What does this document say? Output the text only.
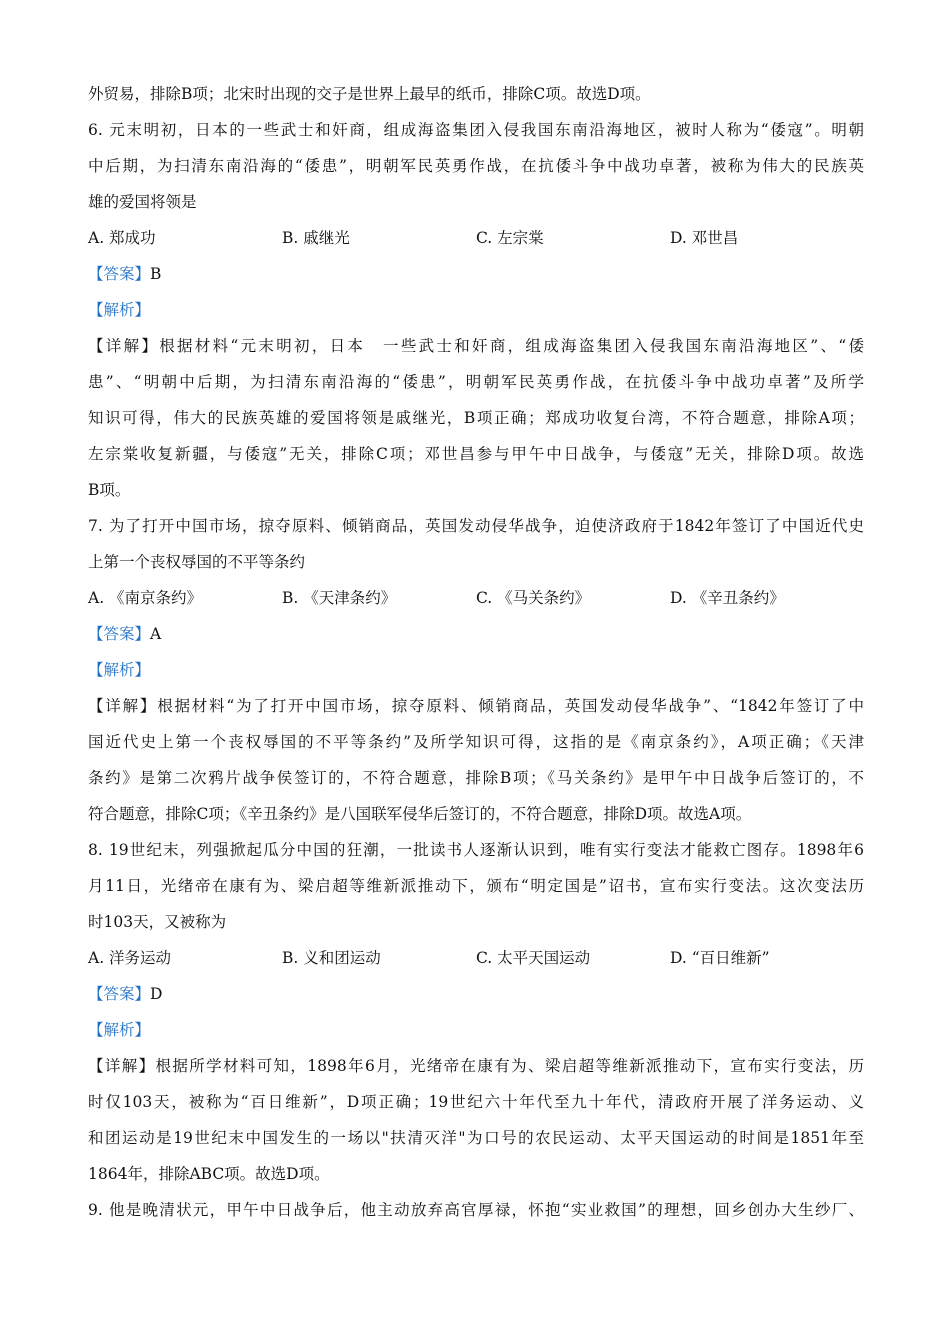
外贸易，排除B项；北宋时出现的交子是世界上最早的纸币，排除C项。故选D项。
6. 元末明初，日本的一些武士和奸商，组成海盗集团入侵我国东南沿海地区，被时人称为“倭寇”。明朝
中后期，为扫清东南沿海的“倭患”，明朝军民英勇作战，在抗倭斗争中战功卓著，被称为伟大的民族英
雄的爱国将领是
A. 郑成功	B. 戚继光	C. 左宗棠	D. 邓世昌
【答案】B
【解析】
【详解】根据材料“元末明初，日本　一些武士和奸商，组成海盗集团入侵我国东南沿海地区”、“倭
患”、“明朝中后期，为扫清东南沿海的“倭患”，明朝军民英勇作战，在抗倭斗争中战功卓著”及所学
知识可得，伟大的民族英雄的爱国将领是戚继光，B项正确；郑成功收复台湾，不符合题意，排除A项；
左宗棠收复新疆，与倭寇”无关，排除C项；邓世昌参与甲午中日战争，与倭寇”无关，排除D项。故选
B项。
7. 为了打开中国市场，掠夺原料、倾销商品，英国发动侵华战争，迫使济政府于1842年签订了中国近代史
上第一个丧权辱国的不平等条约
A. 《南京条约》	B. 《天津条约》	C. 《马关条约》	D. 《辛丑条约》
【答案】A
【解析】
【详解】根据材料“为了打开中国市场，掠夺原料、倾销商品，英国发动侵华战争”、“1842年签订了中
国近代史上第一个丧权辱国的不平等条约”及所学知识可得，这指的是《南京条约》，A项正确；《天津
条约》是第二次鸦片战争侯签订的，不符合题意，排除B项；《马关条约》是甲午中日战争后签订的，不
符合题意，排除C项；《辛丑条约》是八国联军侵华后签订的，不符合题意，排除D项。故选A项。
8. 19世纪末，列强掀起瓜分中国的狂潮，一批读书人逐渐认识到，唯有实行变法才能救亡图存。1898年6
月11日，光绪帝在康有为、梁启超等维新派推动下，颁布“明定国是”诏书，宣布实行变法。这次变法历
时103天，又被称为
A. 洋务运动	B. 义和团运动	C. 太平天国运动	D. “百日维新”
【答案】D
【解析】
【详解】根据所学材料可知，1898年6月，光绪帝在康有为、梁启超等维新派推动下，宣布实行变法，历
时仅103天，被称为“百日维新”，D项正确；19世纪六十年代至九十年代，清政府开展了洋务运动、义
和团运动是19世纪末中国发生的一场以"扶清灭洋"为口号的农民运动、太平天国运动的时间是1851年至
1864年，排除ABC项。故选D项。
9. 他是晚清状元，甲午中日战争后，他主动放弃高官厚禄，怀抱“实业救国”的理想，回乡创办大生纱厂、
